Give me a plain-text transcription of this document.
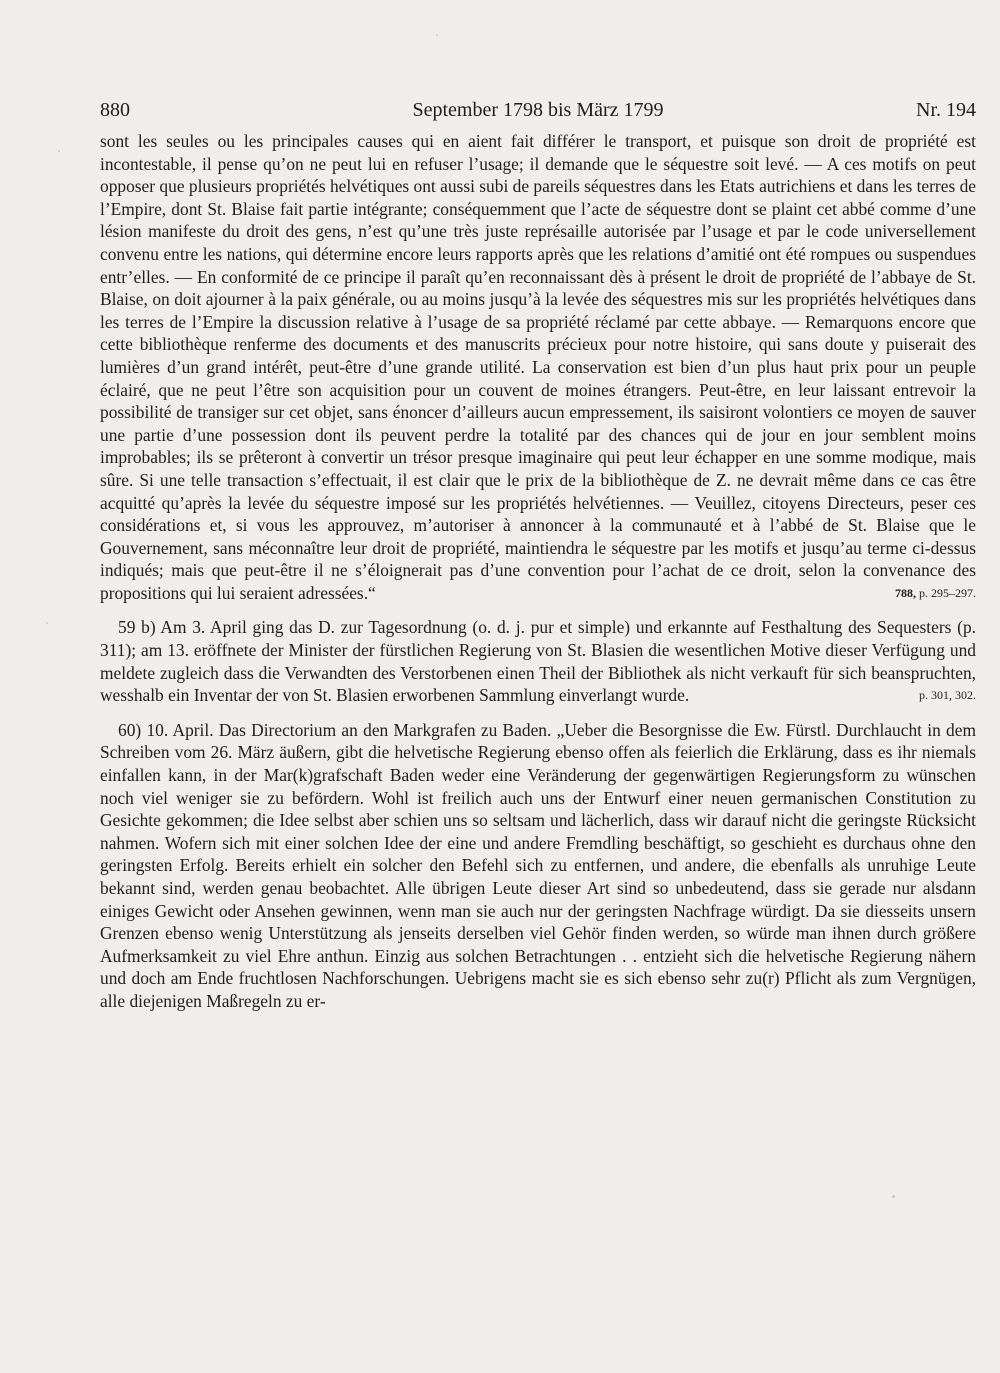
880	September 1798 bis März 1799	Nr. 194

sont les seules ou les principales causes qui en aient fait différer le transport, et puisque son droit de propriété est incontestable, il pense qu’on ne peut lui en refuser l’usage; il demande que le séquestre soit levé. — A ces motifs on peut opposer que plusieurs propriétés helvétiques ont aussi subi de pareils séquestres dans les Etats autrichiens et dans les terres de l’Empire, dont St. Blaise fait partie intégrante; conséquemment que l’acte de séquestre dont se plaint cet abbé comme d’une lésion manifeste du droit des gens, n’est qu’une très juste représaille autorisée par l’usage et par le code universellement convenu entre les nations, qui détermine encore leurs rapports après que les relations d’amitié ont été rompues ou suspendues entr’elles. — En conformité de ce principe il paraît qu’en reconnaissant dès à présent le droit de propriété de l’abbaye de St. Blaise, on doit ajourner à la paix générale, ou au moins jusqu’à la levée des séquestres mis sur les propriétés helvétiques dans les terres de l’Empire la discussion relative à l’usage de sa propriété réclamé par cette abbaye. — Remarquons encore que cette bibliothèque renferme des documents et des manuscrits précieux pour notre histoire, qui sans doute y puiserait des lumières d’un grand intérêt, peut-être d’une grande utilité. La conservation est bien d’un plus haut prix pour un peuple éclairé, que ne peut l’être son acquisition pour un couvent de moines étrangers. Peut-être, en leur laissant entrevoir la possibilité de transiger sur cet objet, sans énoncer d’ailleurs aucun empressement, ils saisiront volontiers ce moyen de sauver une partie d’une possession dont ils peuvent perdre la totalité par des chances qui de jour en jour semblent moins improbables; ils se prêteront à convertir un trésor presque imaginaire qui peut leur échapper en une somme modique, mais sûre. Si une telle transaction s’effectuait, il est clair que le prix de la bibliothèque de Z. ne devrait même dans ce cas être acquitté qu’après la levée du séquestre imposé sur les propriétés helvétiennes. — Veuillez, citoyens Directeurs, peser ces considérations et, si vous les approuvez, m’autoriser à annoncer à la communauté et à l’abbé de St. Blaise que le Gouvernement, sans méconnaître leur droit de propriété, maintiendra le séquestre par les motifs et jusqu’au terme ci-dessus indiqués; mais que peut-être il ne s’éloignerait pas d’une convention pour l’achat de ce droit, selon la convenance des propositions qui lui seraient adressées.“	788, p. 295–297.

59 b) Am 3. April ging das D. zur Tagesordnung (o. d. j. pur et simple) und erkannte auf Festhaltung des Sequesters (p. 311); am 13. eröffnete der Minister der fürstlichen Regierung von St. Blasien die wesentlichen Motive dieser Verfügung und meldete zugleich dass die Verwandten des Verstorbenen einen Theil der Bibliothek als nicht verkauft für sich beanspruchten, wesshalb ein Inventar der von St. Blasien erworbenen Sammlung einverlangt wurde.	p. 301, 302.

60) 10. April. Das Directorium an den Markgrafen zu Baden. „Ueber die Besorgnisse die Ew. Fürstl. Durchlaucht in dem Schreiben vom 26. März äußern, gibt die helvetische Regierung ebenso offen als feierlich die Erklärung, dass es ihr niemals einfallen kann, in der Mar(k)grafschaft Baden weder eine Veränderung der gegenwärtigen Regierungsform zu wünschen noch viel weniger sie zu befördern. Wohl ist freilich auch uns der Entwurf einer neuen germanischen Constitution zu Gesichte gekommen; die Idee selbst aber schien uns so seltsam und lächerlich, dass wir darauf nicht die geringste Rücksicht nahmen. Wofern sich mit einer solchen Idee der eine und andere Fremdling beschäftigt, so geschieht es durchaus ohne den geringsten Erfolg. Bereits erhielt ein solcher den Befehl sich zu entfernen, und andere, die ebenfalls als unruhige Leute bekannt sind, werden genau beobachtet. Alle übrigen Leute dieser Art sind so unbedeutend, dass sie gerade nur alsdann einiges Gewicht oder Ansehen gewinnen, wenn man sie auch nur der geringsten Nachfrage würdigt. Da sie diesseits unsern Grenzen ebenso wenig Unterstützung als jenseits derselben viel Gehör finden werden, so würde man ihnen durch größere Aufmerksamkeit zu viel Ehre anthun. Einzig aus solchen Betrachtungen . . entzieht sich die helvetische Regierung nähern und doch am Ende fruchtlosen Nachforschungen. Uebrigens macht sie es sich ebenso sehr zu(r) Pflicht als zum Vergnügen, alle diejenigen Maßregeln zu er-
